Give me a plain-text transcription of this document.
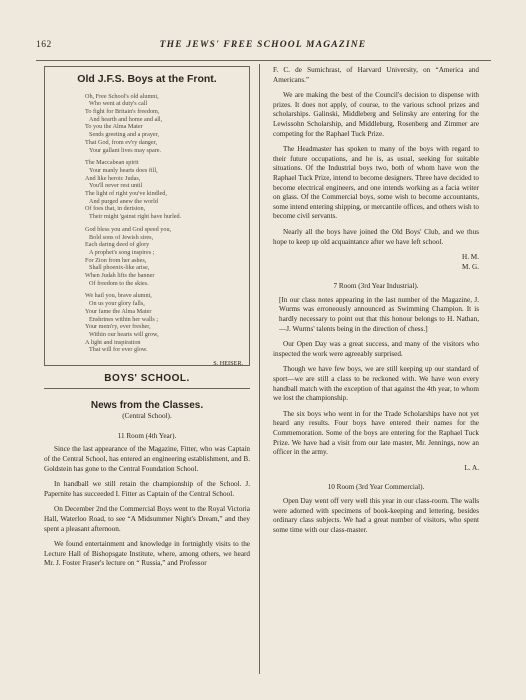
162	THE JEWS' FREE SCHOOL MAGAZINE
Old J.F.S. Boys at the Front.
Oh, Free School's old alumni,
Who went at duty's call
To fight for Britain's freedom,
And hearth and home and all,
To you the Alma Mater
Sends greeting and a prayer,
That God, from ev'ry danger,
Your gallant lives may spare.
The Maccabean spirit
Your manly hearts does fill,
And like heroic Judas,
You'll never rest until
The light of right you've kindled,
And purged anew the world
Of foes that, in derision,
Their might 'gainst right have hurled.
God bless you and God speed you,
Bold sons of Jewish sires,
Each daring deed of glory
A prophet's song inspires ;
For Zion from her ashes,
Shall phoenix-like arise,
When Judah lifts the banner
Of freedom to the skies.
We hail you, brave alumni,
On us your glory falls,
Your fame the Alma Mater
Enshrines within her walls ;
Your mem'ry, ever fresher,
Within our hearts will grow,
A light and inspiration
That will for ever glow.
S. HEISER.
BOYS' SCHOOL.
News from the Classes.
(Central School).
11 Room (4th Year).

Since the last appearance of the Magazine, Fitter, who was Captain of the Central School, has entered an engineering establishment, and B. Goldstein has gone to the Central Foundation School.

In handball we still retain the championship of the School. J. Papernite has succeeded I. Fitter as Captain of the Central School.

On December 2nd the Commercial Boys went to the Royal Victoria Hall, Waterloo Road, to see “A Midsummer Night's Dream,” and they spent a pleasant afternoon.

We found entertainment and knowledge in fortnightly visits to the Lecture Hall of Bishopsgate Institute, where, among others, we heard Mr. J. Foster Fraser's lecture on “ Russia,” and Professor

F. C. de Sumichrast, of Harvard University, on “America and Americans.”

We are making the best of the Council's decision to dispense with prizes. It does not apply, of course, to the various school prizes and scholarships. Galinski, Middleberg and Selinsky are entering for the Lewissohn Scholarship, and Middleburg, Rosenberg and Zimmer are competing for the Raphael Tuck Prize.

The Headmaster has spoken to many of the boys with regard to their future occupations, and he is, as usual, seeking for suitable situations. Of the Industrial boys two, both of whom have won the Raphael Tuck Prize, intend to become designers. Three have decided to become electrical engineers, and one intends working as a facia writer on glass. Of the Commercial boys, some wish to become accountants, some intend entering shipping, or mercantile offices, and others wish to become civil servants.

Nearly all the boys have joined the Old Boys' Club, and we thus hope to keep up old acquaintance after we have left school.

H. M.
M. G.
7 Room (3rd Year Industrial).

[In our class notes appearing in the last number of the Magazine, J. Wurms was erroneously announced as Swimming Champion. It is hardly necessary to point out that this honour belongs to H. Nathan,—J. Wurms' talents being in the direction of chess.]

Our Open Day was a great success, and many of the visitors who inspected the work were agreeably surprised.

Though we have few boys, we are still keeping up our standard of sport—we are still a class to be reckoned with. We have won every handball match with the exception of that against the 4th year, to whom we lost the championship.

The six boys who went in for the Trade Scholarships have not yet heard any results. Four boys have entered their names for the Commemoration. Some of the boys are entering for the Raphael Tuck Prize. We have had a visit from our late master, Mr. Jennings, now an officer in the army.

L. A.
10 Room (3rd Year Commercial).

Open Day went off very well this year in our class-room. The walls were adorned with specimens of book-keeping and lettering, besides ordinary class subjects. We had a great number of visitors, who spent some time with our class-master.
